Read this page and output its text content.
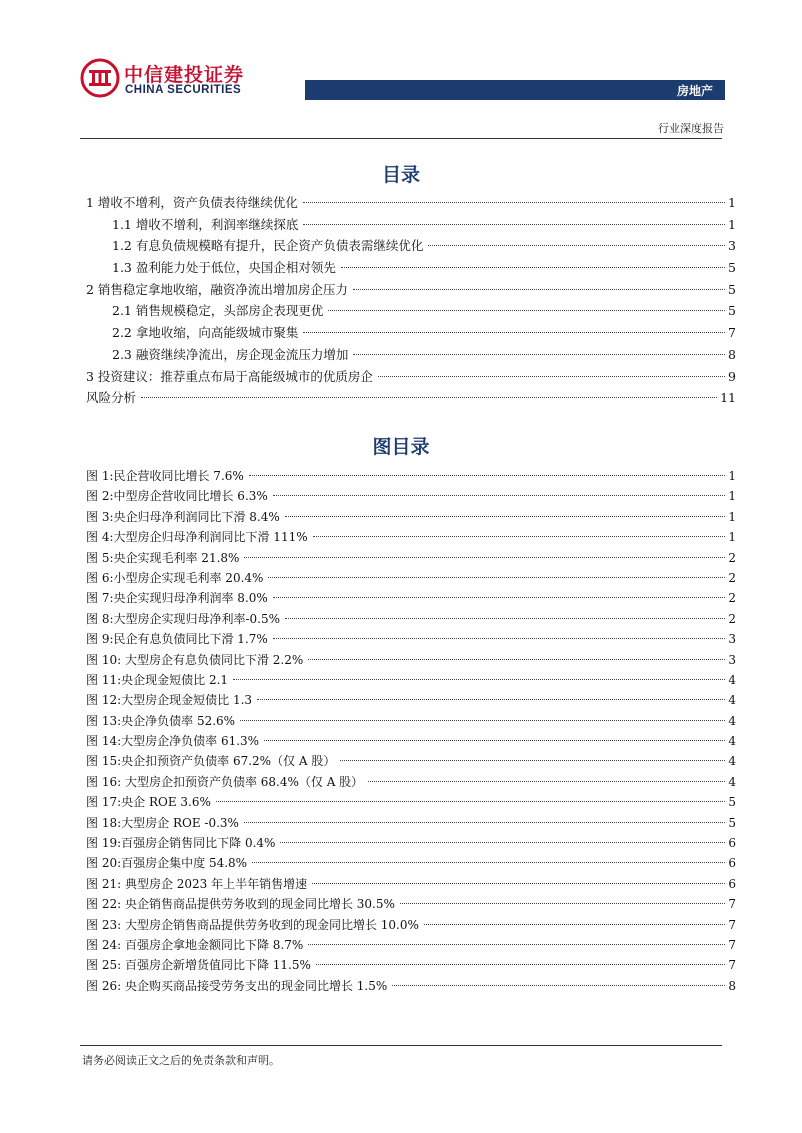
中信建投证券
CHINA SECURITIES	房地产
行业深度报告
目录
1 增收不增利，资产负债表待继续优化	1
1.1 增收不增利，利润率继续探底	1
1.2 有息负债规模略有提升，民企资产负债表需继续优化	3
1.3 盈利能力处于低位，央国企相对领先	5
2 销售稳定拿地收缩，融资净流出增加房企压力	5
2.1 销售规模稳定，头部房企表现更优	5
2.2 拿地收缩，向高能级城市聚集	7
2.3 融资继续净流出，房企现金流压力增加	8
3 投资建议：推荐重点布局于高能级城市的优质房企	9
风险分析	11
图目录
图 1:民企营收同比增长 7.6%	1
图 2:中型房企营收同比增长 6.3%	1
图 3:央企归母净利润同比下滑 8.4%	1
图 4:大型房企归母净利润同比下滑 111%	1
图 5:央企实现毛利率 21.8%	2
图 6:小型房企实现毛利率 20.4%	2
图 7:央企实现归母净利润率 8.0%	2
图 8:大型房企实现归母净利率-0.5%	2
图 9:民企有息负债同比下滑 1.7%	3
图 10: 大型房企有息负债同比下滑 2.2%	3
图 11:央企现金短债比 2.1	4
图 12:大型房企现金短债比 1.3	4
图 13:央企净负债率 52.6%	4
图 14:大型房企净负债率 61.3%	4
图 15:央企扣预资产负债率 67.2%（仅 A 股）	4
图 16: 大型房企扣预资产负债率 68.4%（仅 A 股）	4
图 17:央企 ROE 3.6%	5
图 18:大型房企 ROE -0.3%	5
图 19:百强房企销售同比下降 0.4%	6
图 20:百强房企集中度 54.8%	6
图 21: 典型房企 2023 年上半年销售增速	6
图 22: 央企销售商品提供劳务收到的现金同比增长 30.5%	7
图 23: 大型房企销售商品提供劳务收到的现金同比增长 10.0%	7
图 24: 百强房企拿地金额同比下降 8.7%	7
图 25: 百强房企新增货值同比下降 11.5%	7
图 26: 央企购买商品接受劳务支出的现金同比增长 1.5%	8
请务必阅读正文之后的免责条款和声明。
